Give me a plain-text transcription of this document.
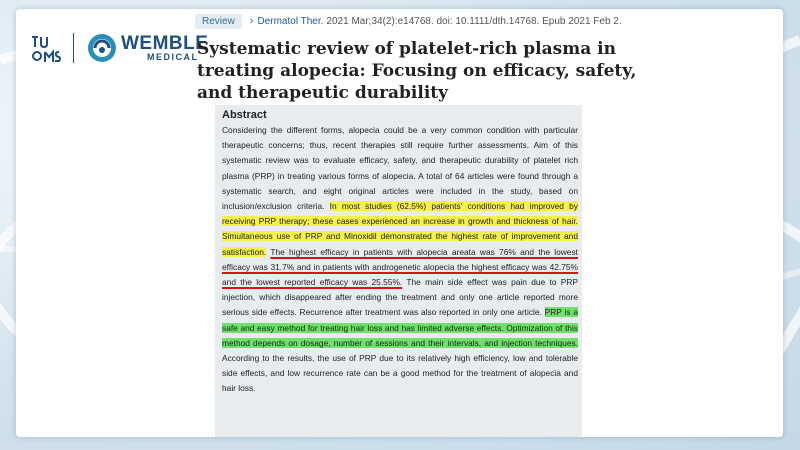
Review	› Dermatol Ther. 2021 Mar;34(2):e14768. doi: 10.1111/dth.14768. Epub 2021 Feb 2.
WEMBLE
MEDICAL
Systematic review of platelet-rich plasma in treating alopecia: Focusing on efficacy, safety, and therapeutic durability
Abstract
Considering the different forms, alopecia could be a very common condition with particular therapeutic concerns; thus, recent therapies still require further assessments. Aim of this systematic review was to evaluate efficacy, safety, and therapeutic durability of platelet rich plasma (PRP) in treating various forms of alopecia. A total of 64 articles were found through a systematic search, and eight original articles were included in the study, based on inclusion/exclusion criteria. In most studies (62.5%) patients' conditions had improved by receiving PRP therapy; these cases experienced an increase in growth and thickness of hair. Simultaneous use of PRP and Minoxidil demonstrated the highest rate of improvement and satisfaction. The highest efficacy in patients with alopecia areata was 76% and the lowest efficacy was 31.7% and in patients with androgenetic alopecia the highest efficacy was 42.75% and the lowest reported efficacy was 25.55%. The main side effect was pain due to PRP injection, which disappeared after ending the treatment and only one article reported more serious side effects. Recurrence after treatment was also reported in only one article. PRP is a safe and easy method for treating hair loss and has limited adverse effects. Optimization of this method depends on dosage, number of sessions and their intervals, and injection techniques. According to the results, the use of PRP due to its relatively high efficiency, low and tolerable side effects, and low recurrence rate can be a good method for the treatment of alopecia and hair loss.
